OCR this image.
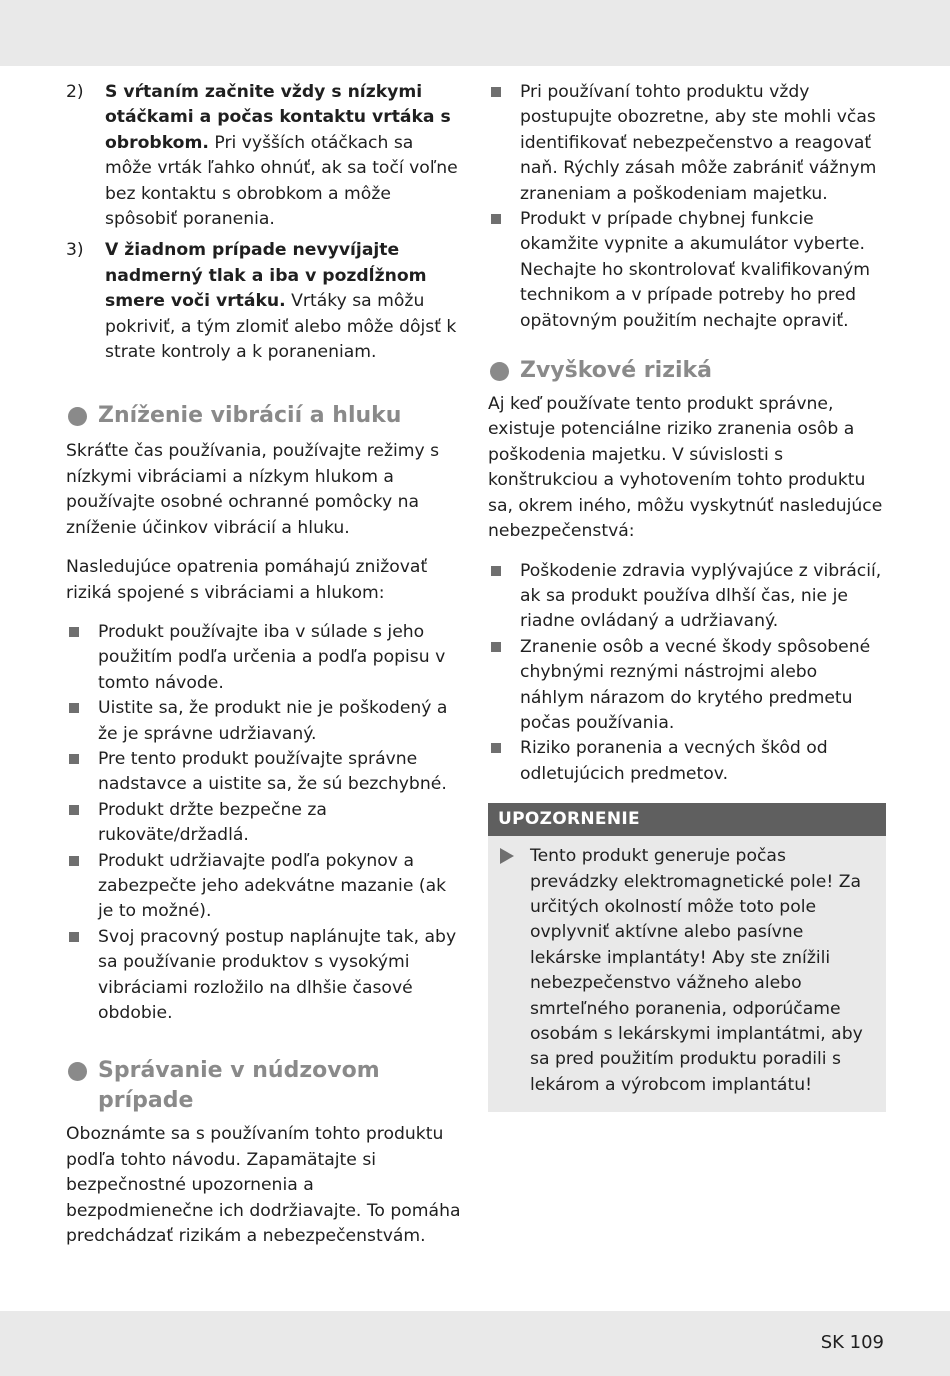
2) S vŕtaním začnite vždy s nízkymi otáčkami a počas kontaktu vrtáka s obrobkom. Pri vyšších otáčkach sa môže vrták ľahko ohnúť, ak sa točí voľne bez kontaktu s obrobkom a môže spôsobiť poranenia.
3) V žiadnom prípade nevyvíjajte nadmerný tlak a iba v pozdĺžnom smere voči vrtáku. Vrtáky sa môžu pokriviť, a tým zlomiť alebo môže dôjsť k strate kontroly a k poraneniam.
Zníženie vibrácií a hluku

Skráťte čas používania, používajte režimy s nízkymi vibráciami a nízkym hlukom a používajte osobné ochranné pomôcky na zníženie účinkov vibrácií a hluku.

Nasledujúce opatrenia pomáhajú znižovať riziká spojené s vibráciami a hlukom:

Produkt používajte iba v súlade s jeho použitím podľa určenia a podľa popisu v tomto návode.
Uistite sa, že produkt nie je poškodený a že je správne udržiavaný.
Pre tento produkt používajte správne nadstavce a uistite sa, že sú bezchybné.
Produkt držte bezpečne za rukoväte/držadlá.
Produkt udržiavajte podľa pokynov a zabezpečte jeho adekvátne mazanie (ak je to možné).
Svoj pracovný postup naplánujte tak, aby sa používanie produktov s vysokými vibráciami rozložilo na dlhšie časové obdobie.
Správanie v núdzovom prípade

Oboznámte sa s používaním tohto produktu podľa tohto návodu. Zapamätajte si bezpečnostné upozornenia a bezpodmienečne ich dodržiavajte. To pomáha predchádzať rizikám a nebezpečenstvám.

Pri používaní tohto produktu vždy postupujte obozretne, aby ste mohli včas identifikovať nebezpečenstvo a reagovať naň. Rýchly zásah môže zabrániť vážnym zraneniam a poškodeniam majetku.
Produkt v prípade chybnej funkcie okamžite vypnite a akumulátor vyberte. Nechajte ho skontrolovať kvalifikovaným technikom a v prípade potreby ho pred opätovným použitím nechajte opraviť.
Zvyškové riziká

Aj keď používate tento produkt správne, existuje potenciálne riziko zranenia osôb a poškodenia majetku. V súvislosti s konštrukciou a vyhotovením tohto produktu sa, okrem iného, môžu vyskytnúť nasledujúce nebezpečenstvá:

Poškodenie zdravia vyplývajúce z vibrácií, ak sa produkt používa dlhší čas, nie je riadne ovládaný a udržiavaný.
Zranenie osôb a vecné škody spôsobené chybnými reznými nástrojmi alebo náhlym nárazom do krytého predmetu počas používania.
Riziko poranenia a vecných škôd od odletujúcich predmetov.
UPOZORNENIE

Tento produkt generuje počas prevádzky elektromagnetické pole! Za určitých okolností môže toto pole ovplyvniť aktívne alebo pasívne lekárske implantáty! Aby ste znížili nebezpečenstvo vážneho alebo smrteľného poranenia, odporúčame osobám s lekárskymi implantátmi, aby sa pred použitím produktu poradili s lekárom a výrobcom implantátu!

SK 109
